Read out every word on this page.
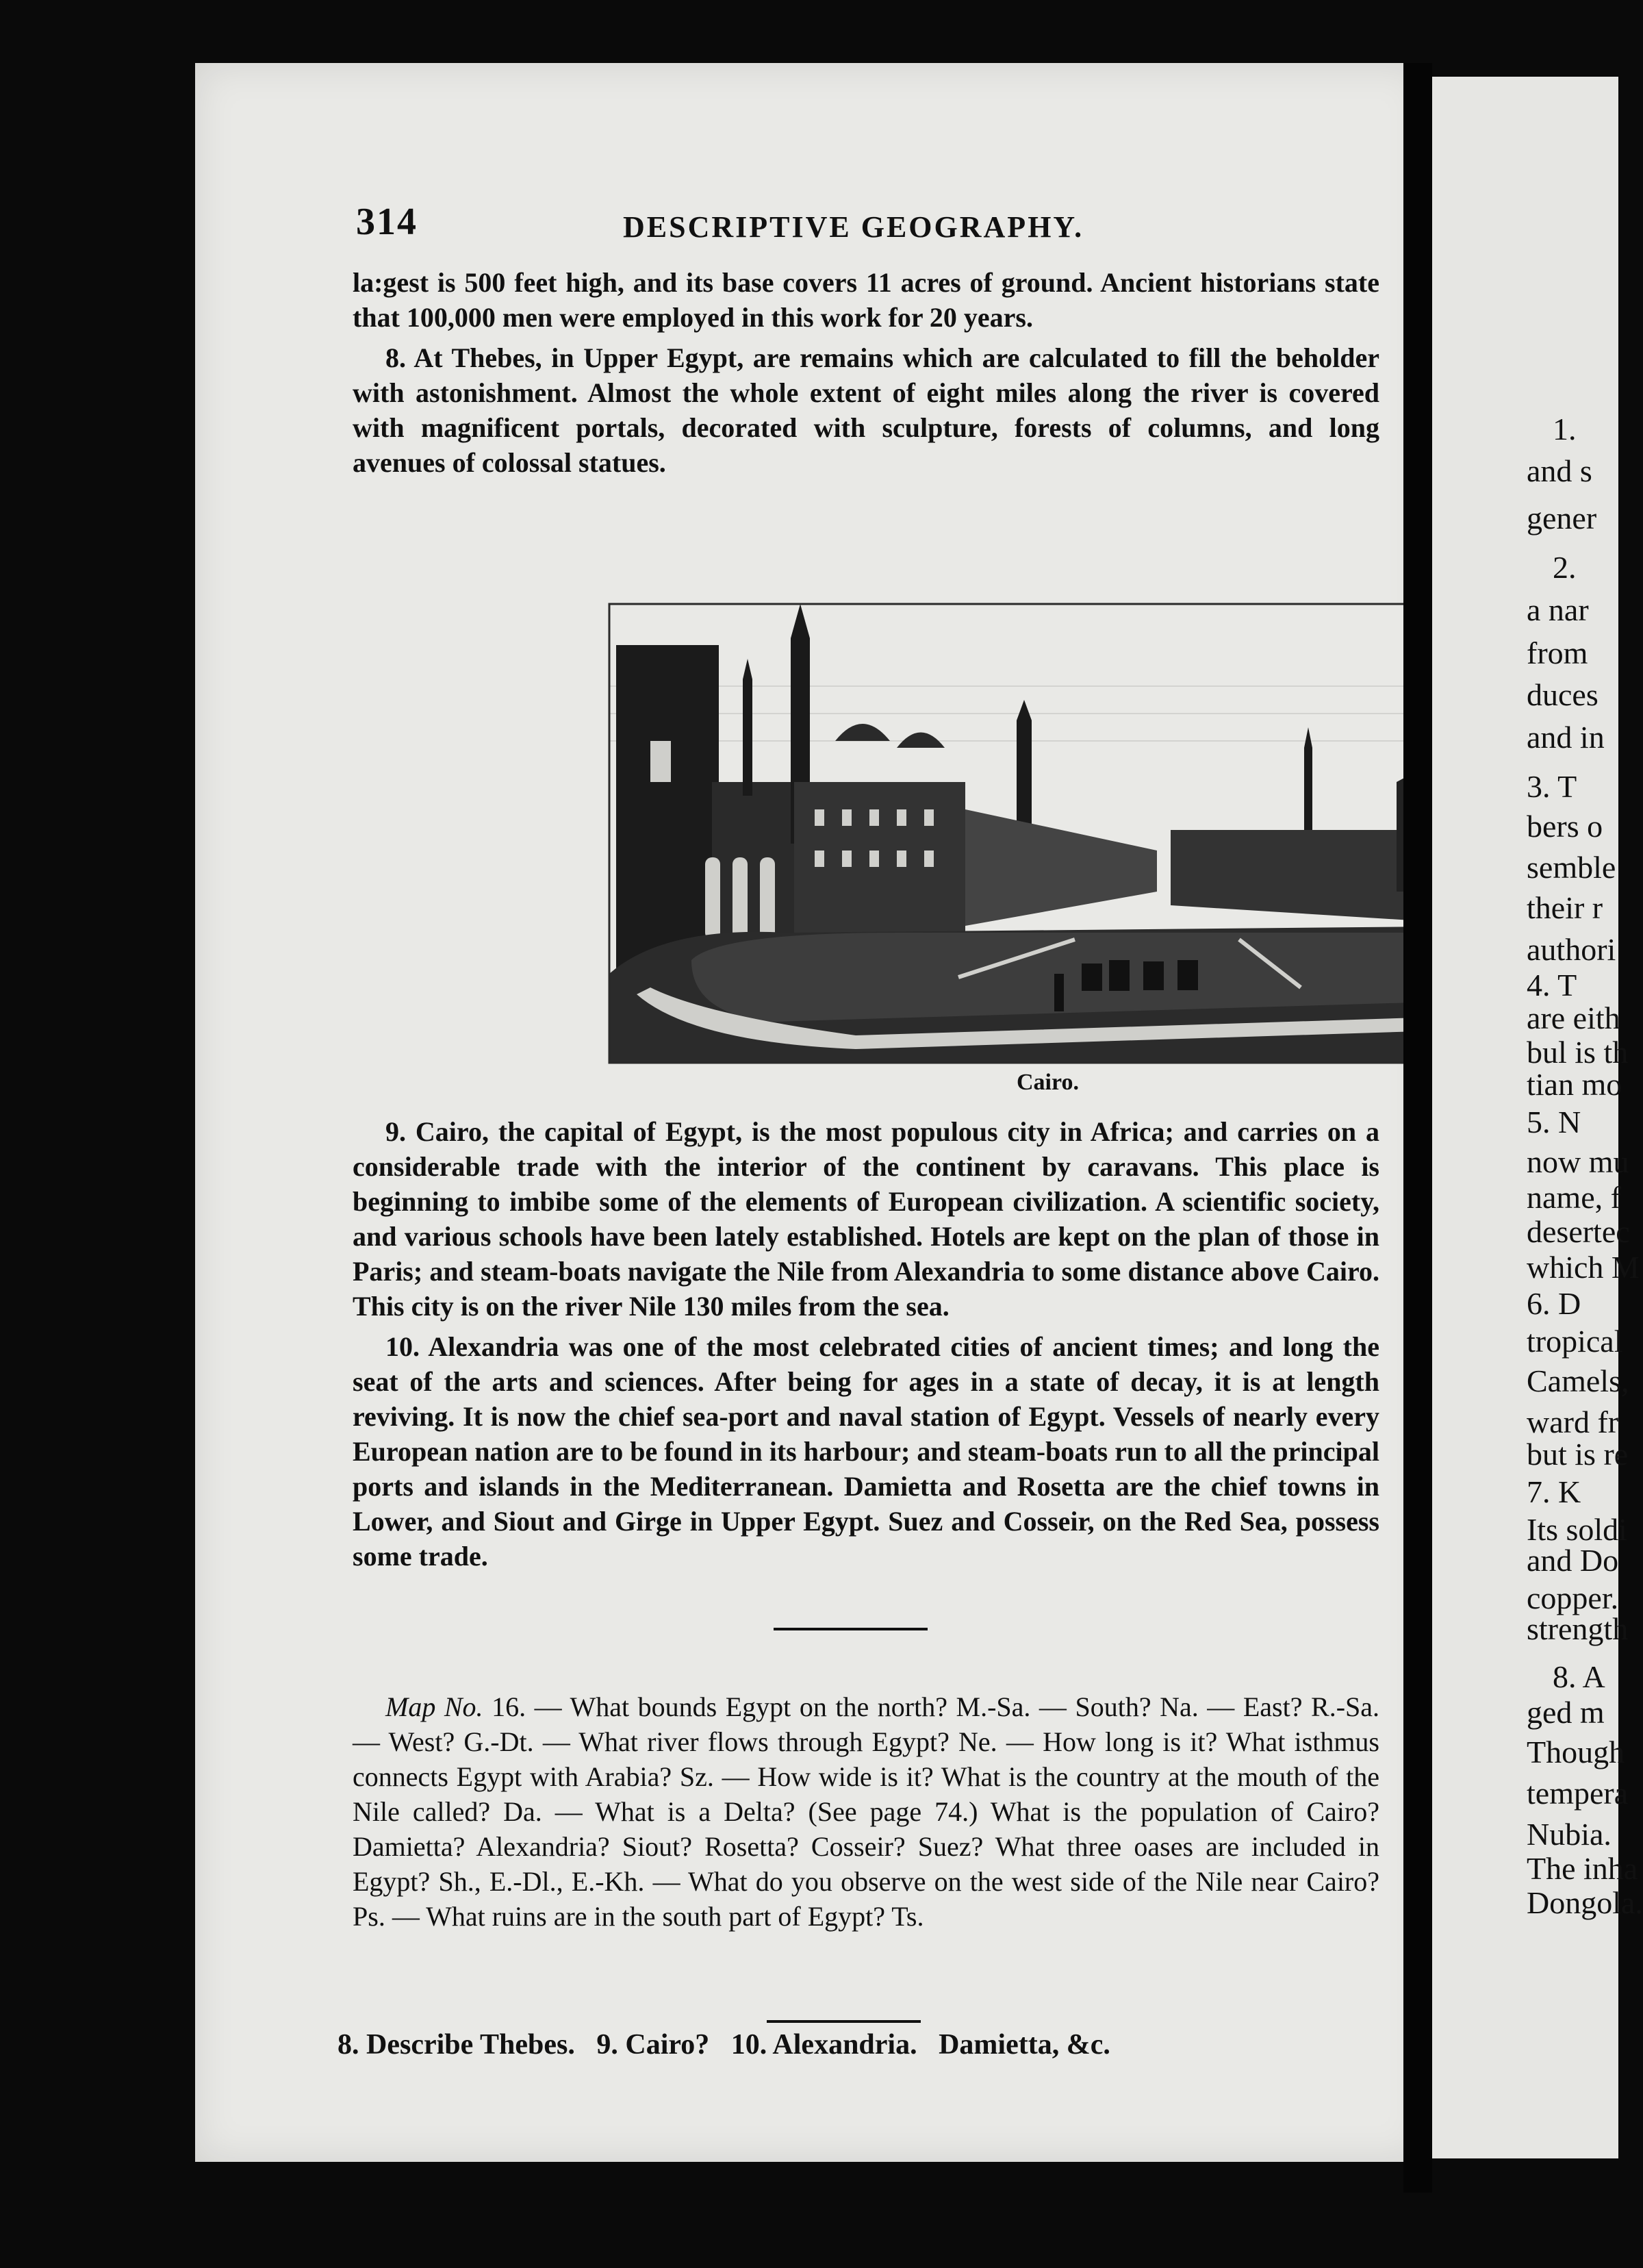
314	DESCRIPTIVE GEOGRAPHY.

la:gest is 500 feet high, and its base covers 11 acres of ground. Ancient historians state that 100,000 men were employed in this work for 20 years.

8. At Thebes, in Upper Egypt, are remains which are calculated to fill the beholder with astonishment. Almost the whole extent of eight miles along the river is covered with magnificent portals, decorated with sculpture, forests of columns, and long avenues of colossal statues.

Cairo.

9. Cairo, the capital of Egypt, is the most populous city in Africa; and carries on a considerable trade with the interior of the continent by caravans. This place is beginning to imbibe some of the elements of European civilization. A scientific society, and various schools have been lately established. Hotels are kept on the plan of those in Paris; and steam-boats navigate the Nile from Alexandria to some distance above Cairo. This city is on the river Nile 130 miles from the sea.

10. Alexandria was one of the most celebrated cities of ancient times; and long the seat of the arts and sciences. After being for ages in a state of decay, it is at length reviving. It is now the chief sea-port and naval station of Egypt. Vessels of nearly every European nation are to be found in its harbour; and steam-boats run to all the principal ports and islands in the Mediterranean. Damietta and Rosetta are the chief towns in Lower, and Siout and Girge in Upper Egypt. Suez and Cosseir, on the Red Sea, possess some trade.

Map No. 16. — What bounds Egypt on the north? M.-Sa. — South? Na. — East? R.-Sa. — West? G.-Dt. — What river flows through Egypt? Ne. — How long is it? What isthmus connects Egypt with Arabia? Sz. — How wide is it? What is the country at the mouth of the Nile called? Da. — What is a Delta? (See page 74.) What is the population of Cairo? Damietta? Alexandria? Siout? Rosetta? Cosseir? Suez? What three oases are included in Egypt? Sh., E.-Dl., E.-Kh. — What do you observe on the west side of the Nile near Cairo? Ps. — What ruins are in the south part of Egypt? Ts.

8. Describe Thebes.   9. Cairo?   10. Alexandria.   Damietta, &c.
1.
and s
gener
2.
a nar
from
duces
and in
3. T
bers o
semble
their r
authori
4. T
are eith
bul is th
tian mo
5. N
now mu
name, f
desertec
which M
6. D
tropical
Camels,
ward fr
but is re
7. K
Its soldi
and Do
copper.
strength
8. A
ged m
Though
tempera
Nubia.
The inha
Dongola.
